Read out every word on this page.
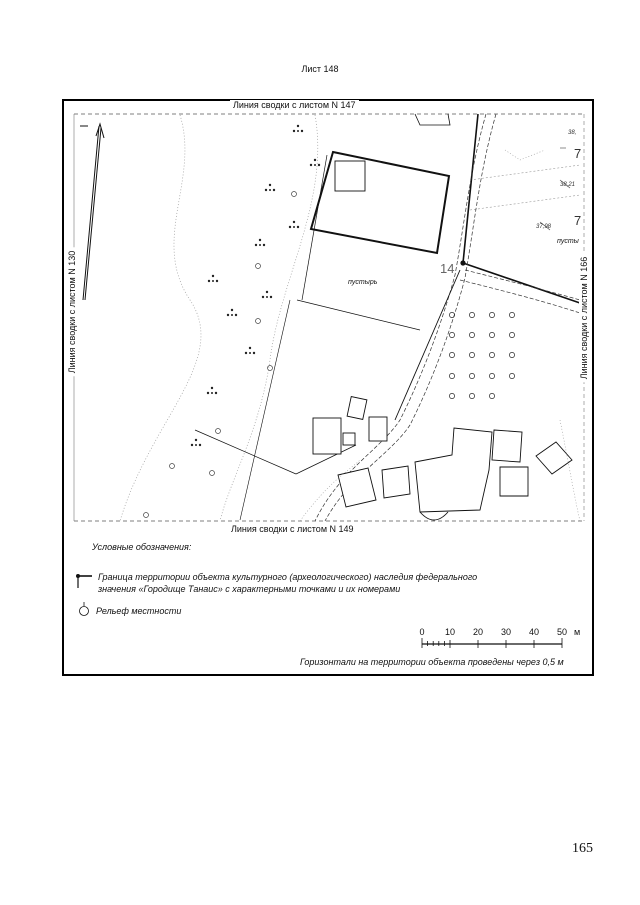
Лист 148
Линия сводки с листом N 147
Линия сводки с листом N 149
Линия сводки с листом N 130	Линия сводки с листом N 166
пустырь
пусты
14
38,
38,21
37,98
7
7
Условные обозначения:
Граница территории объекта культурного (археологического) наследия федерального
значения «Городище Танаис» с характерными точками и их номерами
Рельеф местности
0 10 20 30 40 50 м
Горизонтали на территории объекта проведены через 0,5 м
165
